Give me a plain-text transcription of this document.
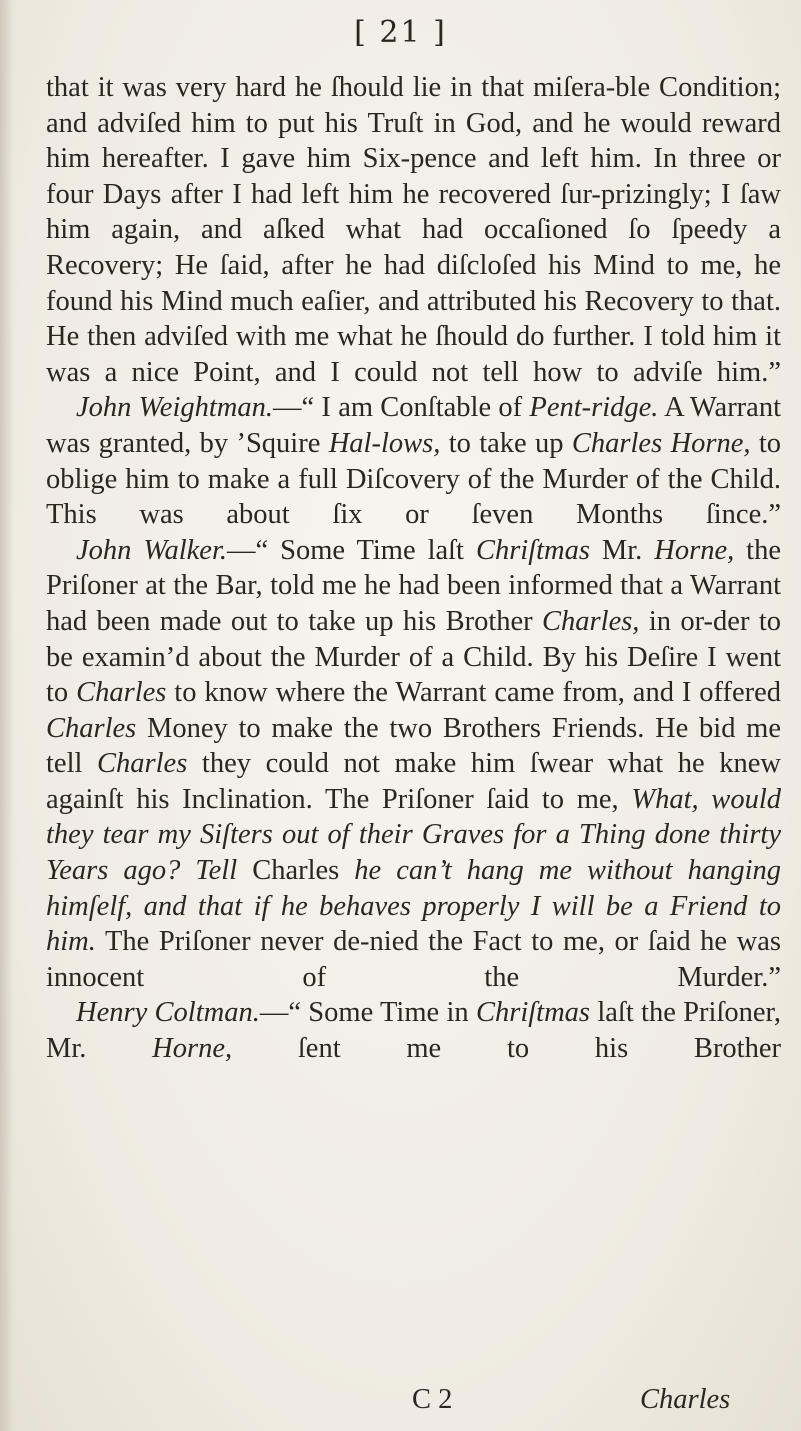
[ 21 ]

that it was very hard he ſhould lie in that miſera-ble Condition; and adviſed him to put his Truſt in God, and he would reward him hereafter. I gave him Six-pence and left him. In three or four Days after I had left him he recovered ſur-prizingly; I ſaw him again, and aſked what had occaſioned ſo ſpeedy a Recovery; He ſaid, after he had diſcloſed his Mind to me, he found his Mind much eaſier, and attributed his Recovery to that. He then adviſed with me what he ſhould do further. I told him it was a nice Point, and I could not tell how to adviſe him.”

John Weightman.—“ I am Conſtable of Pent-ridge. A Warrant was granted, by ’Squire Hal-lows, to take up Charles Horne, to oblige him to make a full Diſcovery of the Murder of the Child. This was about ſix or ſeven Months ſince.”

John Walker.—“ Some Time laſt Chriſtmas Mr. Horne, the Priſoner at the Bar, told me he had been informed that a Warrant had been made out to take up his Brother Charles, in or-der to be examin’d about the Murder of a Child. By his Deſire I went to Charles to know where the Warrant came from, and I offered Charles Money to make the two Brothers Friends. He bid me tell Charles they could not make him ſwear what he knew againſt his Inclination. The Priſoner ſaid to me, What, would they tear my Siſters out of their Graves for a Thing done thirty Years ago? Tell Charles he can’t hang me without hanging himſelf, and that if he behaves properly I will be a Friend to him. The Priſoner never de-nied the Fact to me, or ſaid he was innocent of the Murder.”

Henry Coltman.—“ Some Time in Chriſtmas laſt the Priſoner, Mr. Horne, ſent me to his Brother

C 2	Charles
